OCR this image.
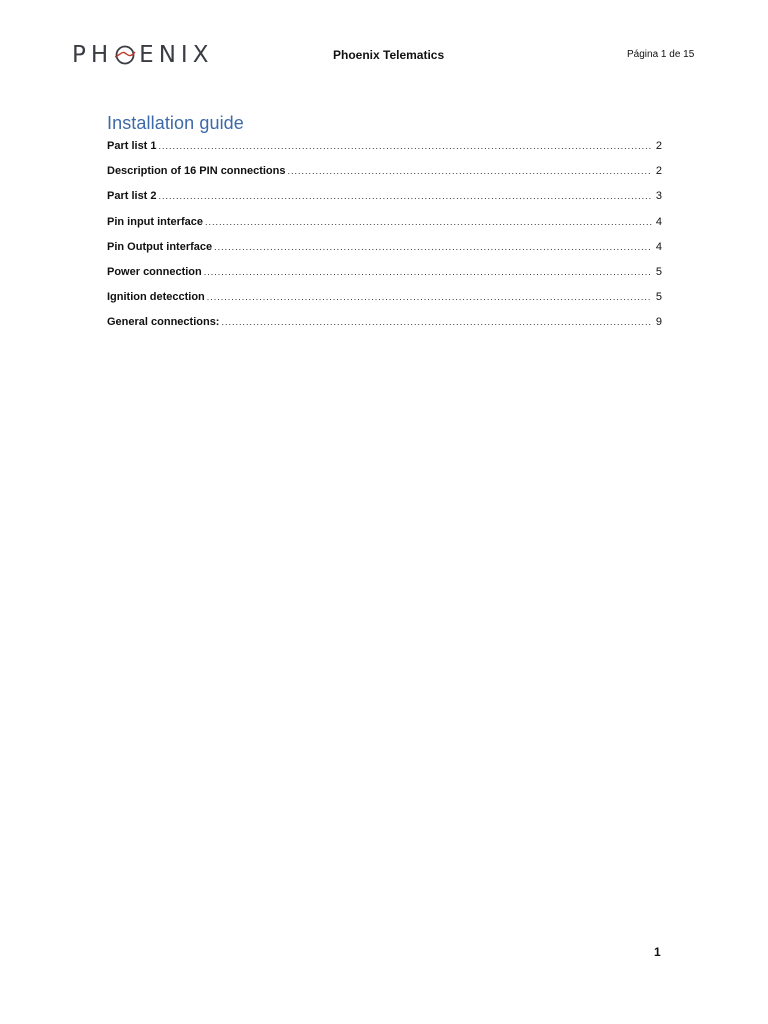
PH ENIX	Phoenix Telematics	Página 1 de 15
Installation guide
Part list 1 .....	2
Description of 16 PIN connections .....	2
Part list 2 .....	3
Pin input interface .....	4
Pin Output interface .....	4
Power connection .....	5
Ignition detecction .....	5
General connections: .....	9
1
